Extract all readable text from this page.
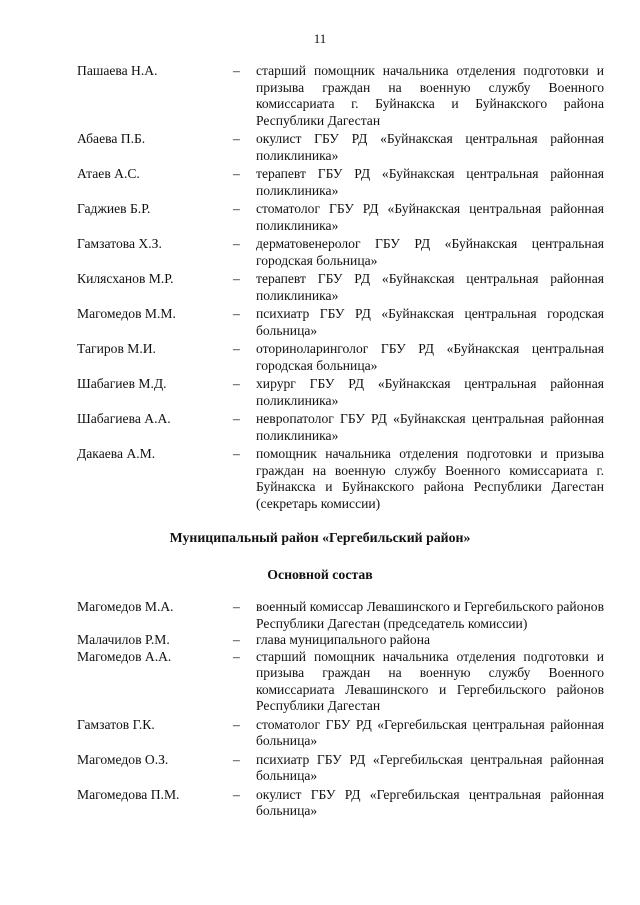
11
Пашаева Н.А.	– старший помощник начальника отделения подготовки и призыва граждан на военную службу Военного комиссариата г. Буйнакска и Буйнакского района Республики Дагестан
Абаева П.Б.	– окулист ГБУ РД «Буйнакская центральная районная поликлиника»
Атаев А.С.	– терапевт ГБУ РД «Буйнакская центральная районная поликлиника»
Гаджиев Б.Р.	– стоматолог ГБУ РД «Буйнакская центральная районная поликлиника»
Гамзатова Х.З.	– дерматовенеролог ГБУ РД «Буйнакская центральная городская больница»
Килясханов М.Р.	– терапевт ГБУ РД «Буйнакская центральная районная поликлиника»
Магомедов М.М.	– психиатр ГБУ РД «Буйнакская центральная городская больница»
Тагиров М.И.	– оториноларинголог ГБУ РД «Буйнакская центральная городская больница»
Шабагиев М.Д.	– хирург ГБУ РД «Буйнакская центральная районная поликлиника»
Шабагиева А.А.	– невропатолог ГБУ РД «Буйнакская центральная районная поликлиника»
Дакаева А.М.	– помощник начальника отделения подготовки и призыва граждан на военную службу Военного комиссариата г. Буйнакска и Буйнакского района Республики Дагестан (секретарь комиссии)
Муниципальный район «Гергебильский район»
Основной состав
Магомедов М.А.	– военный комиссар Левашинского и Гергебильского районов Республики Дагестан (председатель комиссии)
Малачилов Р.М.	– глава муниципального района
Магомедов А.А.	– старший помощник начальника отделения подготовки и призыва граждан на военную службу Военного комиссариата Левашинского и Гергебильского районов Республики Дагестан
Гамзатов Г.К.	– стоматолог ГБУ РД «Гергебильская центральная районная больница»
Магомедов О.З.	– психиатр ГБУ РД «Гергебильская центральная районная больница»
Магомедова П.М.	– окулист ГБУ РД «Гергебильская центральная районная больница»
